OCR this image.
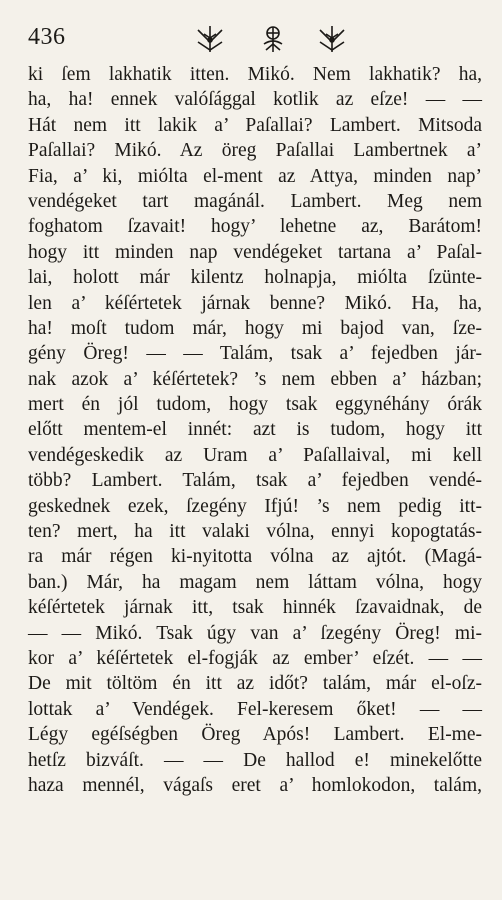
436
ki ſem lakhatik itten. Mikó. Nem lakhatik? ha,
ha, ha! ennek valóſággal kotlik az eſze! — —
Hát nem itt lakik a’ Paſallai? Lambert. Mitsoda
Paſallai? Mikó. Az öreg Paſallai Lambertnek a’
Fia, a’ ki, miólta el-ment az Attya, minden nap’
vendégeket tart magánál. Lambert. Meg nem
foghatom ſzavait! hogy’ lehetne az, Barátom!
hogy itt minden nap vendégeket tartana a’ Paſal-
lai, holott már kilentz holnapja, miólta ſzünte-
len a’ kéſértetek járnak benne? Mikó. Ha, ha,
ha! moſt tudom már, hogy mi bajod van, ſze-
gény Öreg! — — Talám, tsak a’ fejedben jár-
nak azok a’ kéſértetek? ’s nem ebben a’ házban;
mert én jól tudom, hogy tsak eggynéhány órák
előtt mentem-el innét: azt is tudom, hogy itt
vendégeskedik az Uram a’ Paſallaival, mi kell
több? Lambert. Talám, tsak a’ fejedben vendé-
geskednek ezek, ſzegény Ifjú! ’s nem pedig itt-
ten? mert, ha itt valaki vólna, ennyi kopogtatás-
ra már régen ki-nyitotta vólna az ajtót. (Magá-
ban.) Már, ha magam nem láttam vólna, hogy
kéſértetek járnak itt, tsak hinnék ſzavaidnak, de
— — Mikó. Tsak úgy van a’ ſzegény Öreg! mi-
kor a’ kéſértetek el-fogják az ember’ eſzét. — —
De mit töltöm én itt az időt? talám, már el-oſz-
lottak a’ Vendégek. Fel-keresem őket! — —
Légy egéſségben Öreg Após! Lambert. El-me-
hetſz bizváſt. — — De hallod e! minekelőtte
haza mennél, vágaſs eret a’ homlokodon, talám,
